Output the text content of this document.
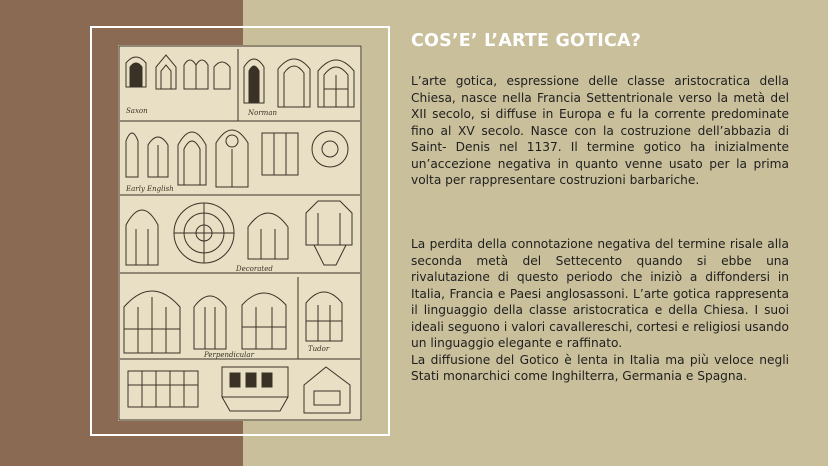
Saxon	Norman
Early English
Decorated
Perpendicular
Tudor
COS’E’ L’ARTE GOTICA?

L’arte gotica, espressione delle classe aristocratica della Chiesa, nasce nella Francia Settentrionale verso la metà del XII secolo, si diffuse in Europa e fu la corrente predominate fino al XV secolo. Nasce con la costruzione dell’abbazia di Saint- Denis nel 1137. Il termine gotico ha inizialmente un’accezione negativa in quanto venne usato per la prima volta per rappresentare costruzioni barbariche.

La perdita della connotazione negativa del termine risale alla seconda metà del Settecento quando si ebbe una rivalutazione di questo periodo che iniziò a diffondersi in Italia, Francia e Paesi anglosassoni. L’arte gotica rappresenta il linguaggio della classe aristocratica e della Chiesa. I suoi ideali seguono i valori cavallereschi, cortesi e religiosi usando un linguaggio elegante e raffinato.
La diffusione del Gotico è lenta in Italia ma più veloce negli Stati monarchici come Inghilterra, Germania e Spagna.
